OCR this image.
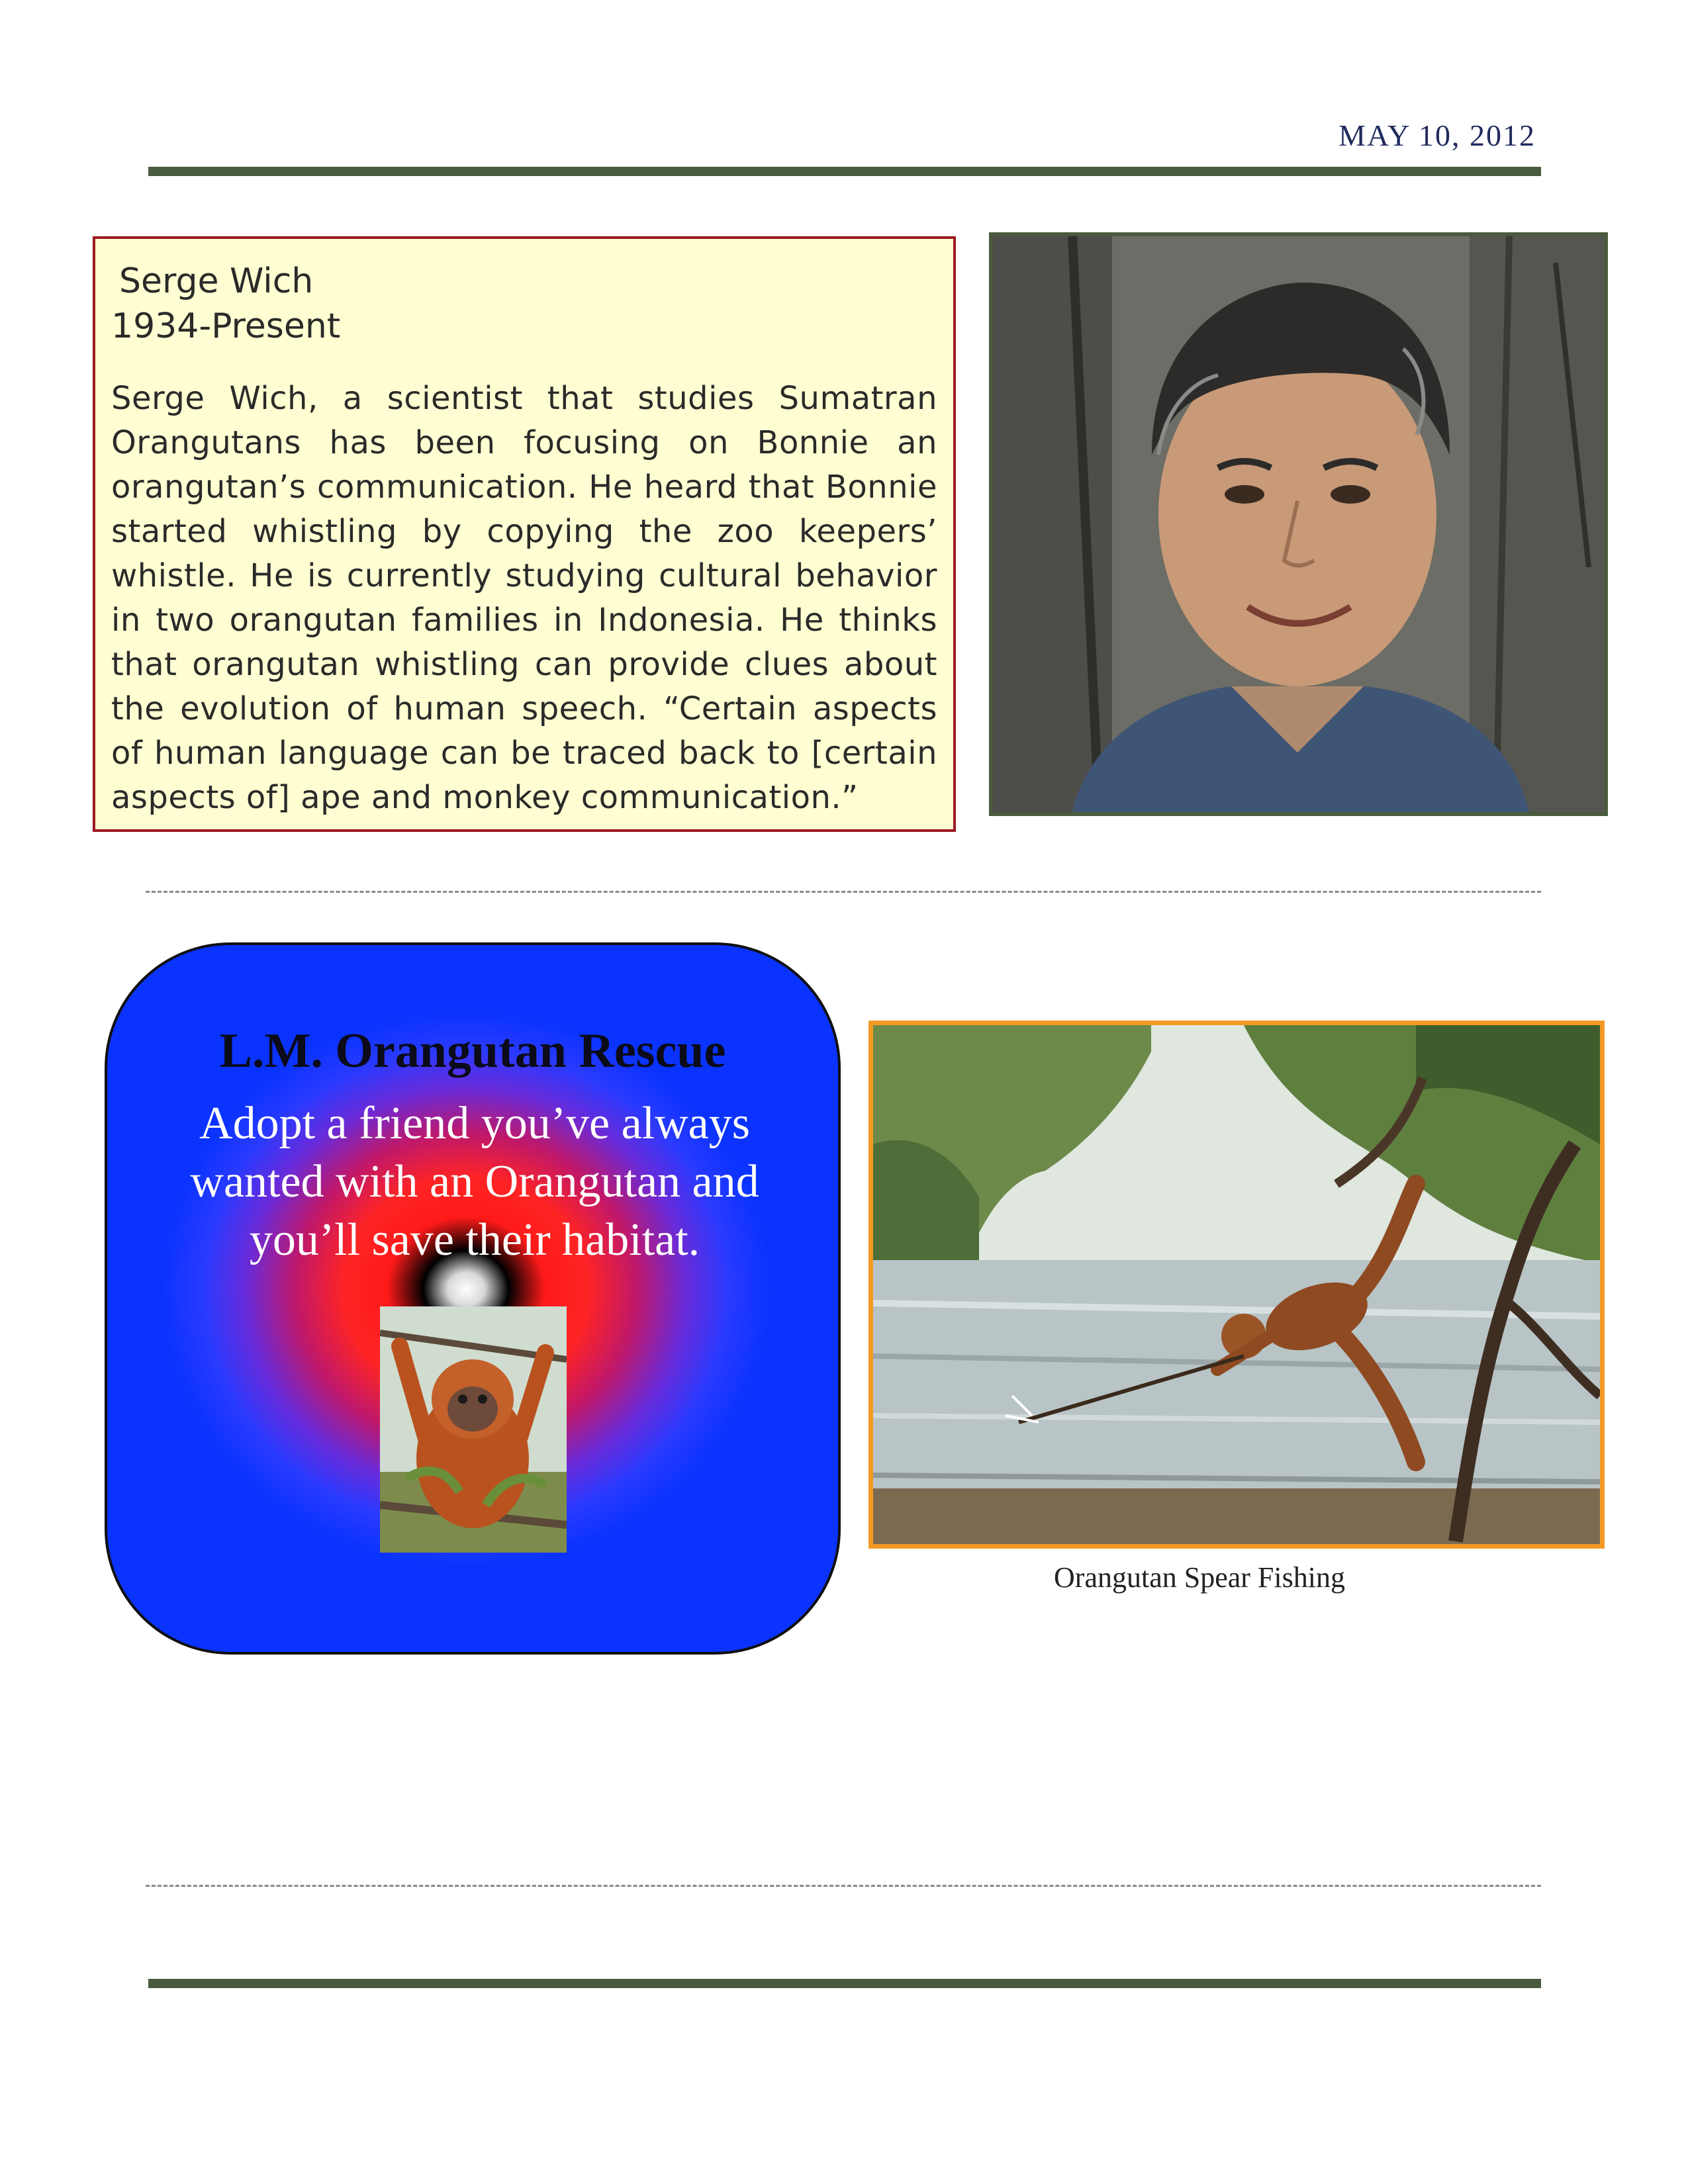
MAY 10, 2012
Serge Wich
1934-Present
Serge Wich, a scientist that studies Sumatran Orangutans has been focusing on Bonnie an orangutan’s communication. He heard that Bonnie started whistling by copying the zoo keepers’ whistle. He is currently studying cultural behavior in two orangutan families in Indonesia. He thinks that orangutan whistling can provide clues about the evolution of human speech. “Certain aspects of human language can be traced back to [certain aspects of] ape and monkey communication.”
L.M. Orangutan Rescue
Adopt a friend you’ve always wanted with an Orangutan and you’ll save their habitat.
Orangutan Spear Fishing
